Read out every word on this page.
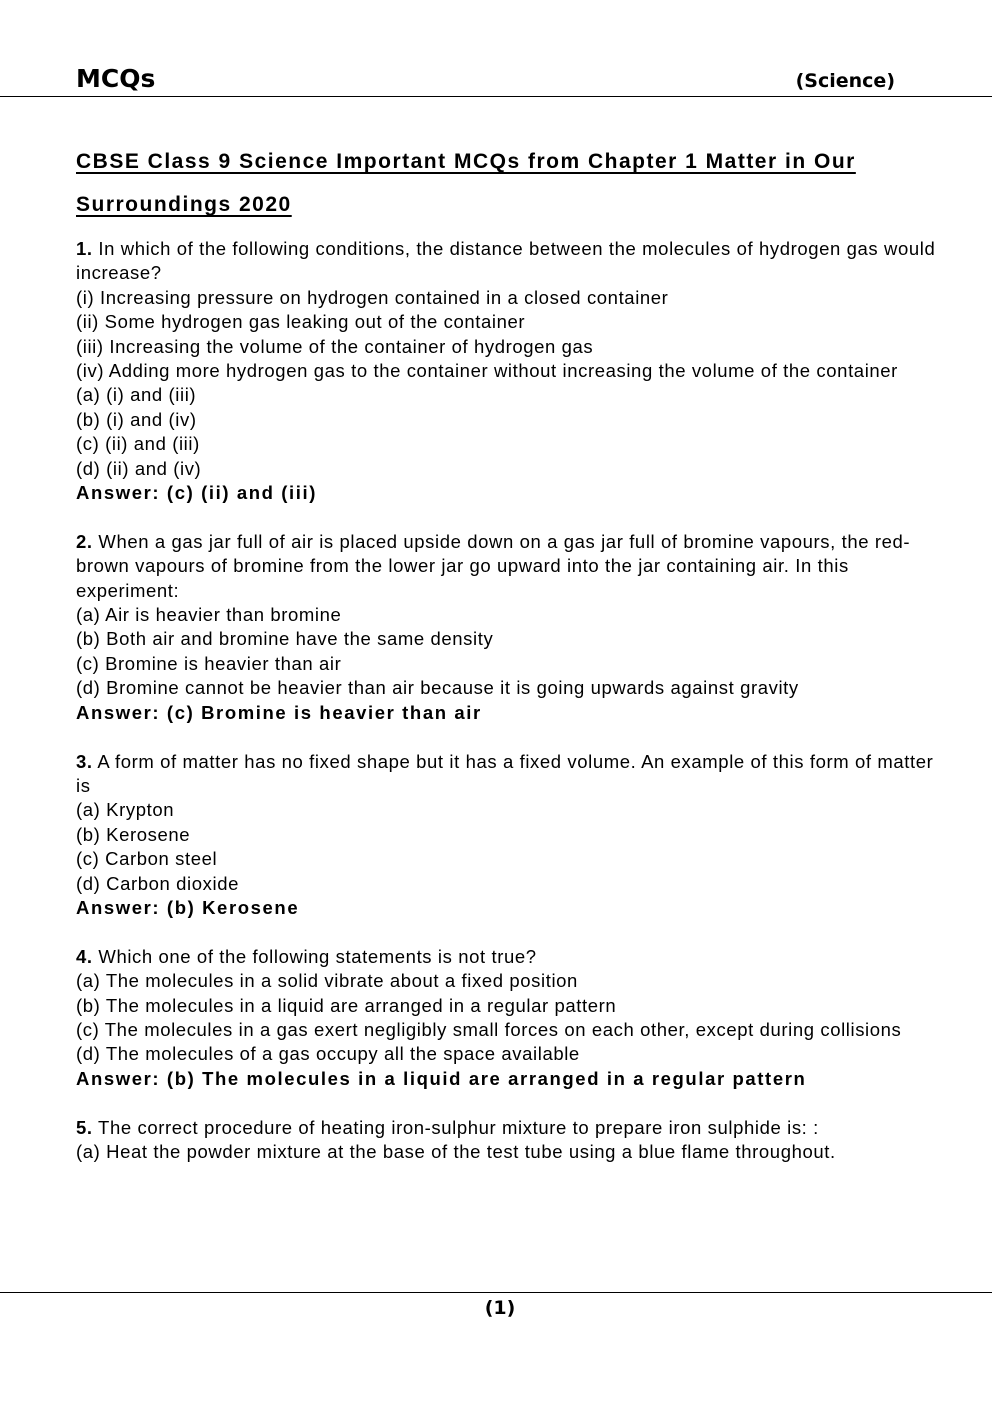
MCQs	(Science)
CBSE Class 9 Science Important MCQs from Chapter 1 Matter in Our Surroundings 2020
1. In which of the following conditions, the distance between the molecules of hydrogen gas would increase?
(i) Increasing pressure on hydrogen contained in a closed container
(ii) Some hydrogen gas leaking out of the container
(iii) Increasing the volume of the container of hydrogen gas
(iv) Adding more hydrogen gas to the container without increasing the volume of the container
(a) (i) and (iii)
(b) (i) and (iv)
(c) (ii) and (iii)
(d) (ii) and (iv)
Answer: (c) (ii) and (iii)
2. When a gas jar full of air is placed upside down on a gas jar full of bromine vapours, the red-brown vapours of bromine from the lower jar go upward into the jar containing air. In this experiment:
(a) Air is heavier than bromine
(b) Both air and bromine have the same density
(c) Bromine is heavier than air
(d) Bromine cannot be heavier than air because it is going upwards against gravity
Answer: (c) Bromine is heavier than air
3. A form of matter has no fixed shape but it has a fixed volume. An example of this form of matter is
(a) Krypton
(b) Kerosene
(c) Carbon steel
(d) Carbon dioxide
Answer: (b) Kerosene
4. Which one of the following statements is not true?
(a) The molecules in a solid vibrate about a fixed position
(b) The molecules in a liquid are arranged in a regular pattern
(c) The molecules in a gas exert negligibly small forces on each other, except during collisions
(d) The molecules of a gas occupy all the space available
Answer: (b) The molecules in a liquid are arranged in a regular pattern
5. The correct procedure of heating iron-sulphur mixture to prepare iron sulphide is: :
(a) Heat the powder mixture at the base of the test tube using a blue flame throughout.
(1)
